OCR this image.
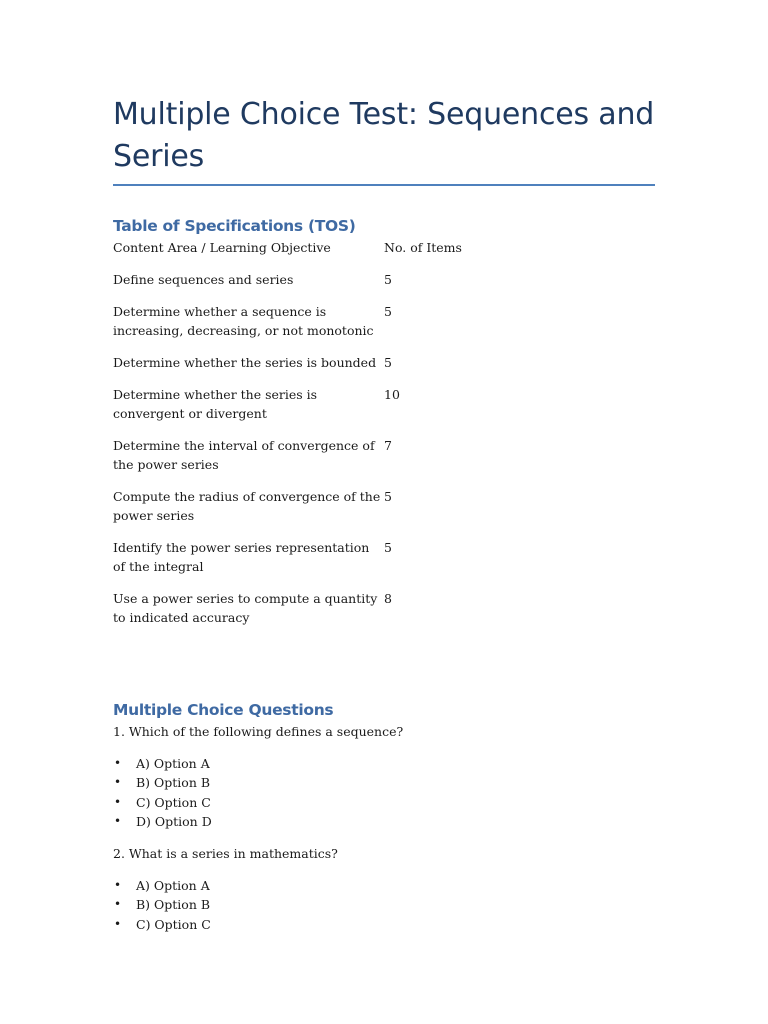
Multiple Choice Test: Sequences and Series
Table of Specifications (TOS)
Content Area / Learning Objective	No. of Items
Define sequences and series	5
Determine whether a sequence is increasing, decreasing, or not monotonic	5
Determine whether the series is bounded	5
Determine whether the series is convergent or divergent	10
Determine the interval of convergence of the power series	7
Compute the radius of convergence of the power series	5
Identify the power series representation of the integral	5
Use a power series to compute a quantity to indicated accuracy	8
Multiple Choice Questions

1. Which of the following defines a sequence?

• A) Option A
• B) Option B
• C) Option C
• D) Option D

2. What is a series in mathematics?

• A) Option A
• B) Option B
• C) Option C
